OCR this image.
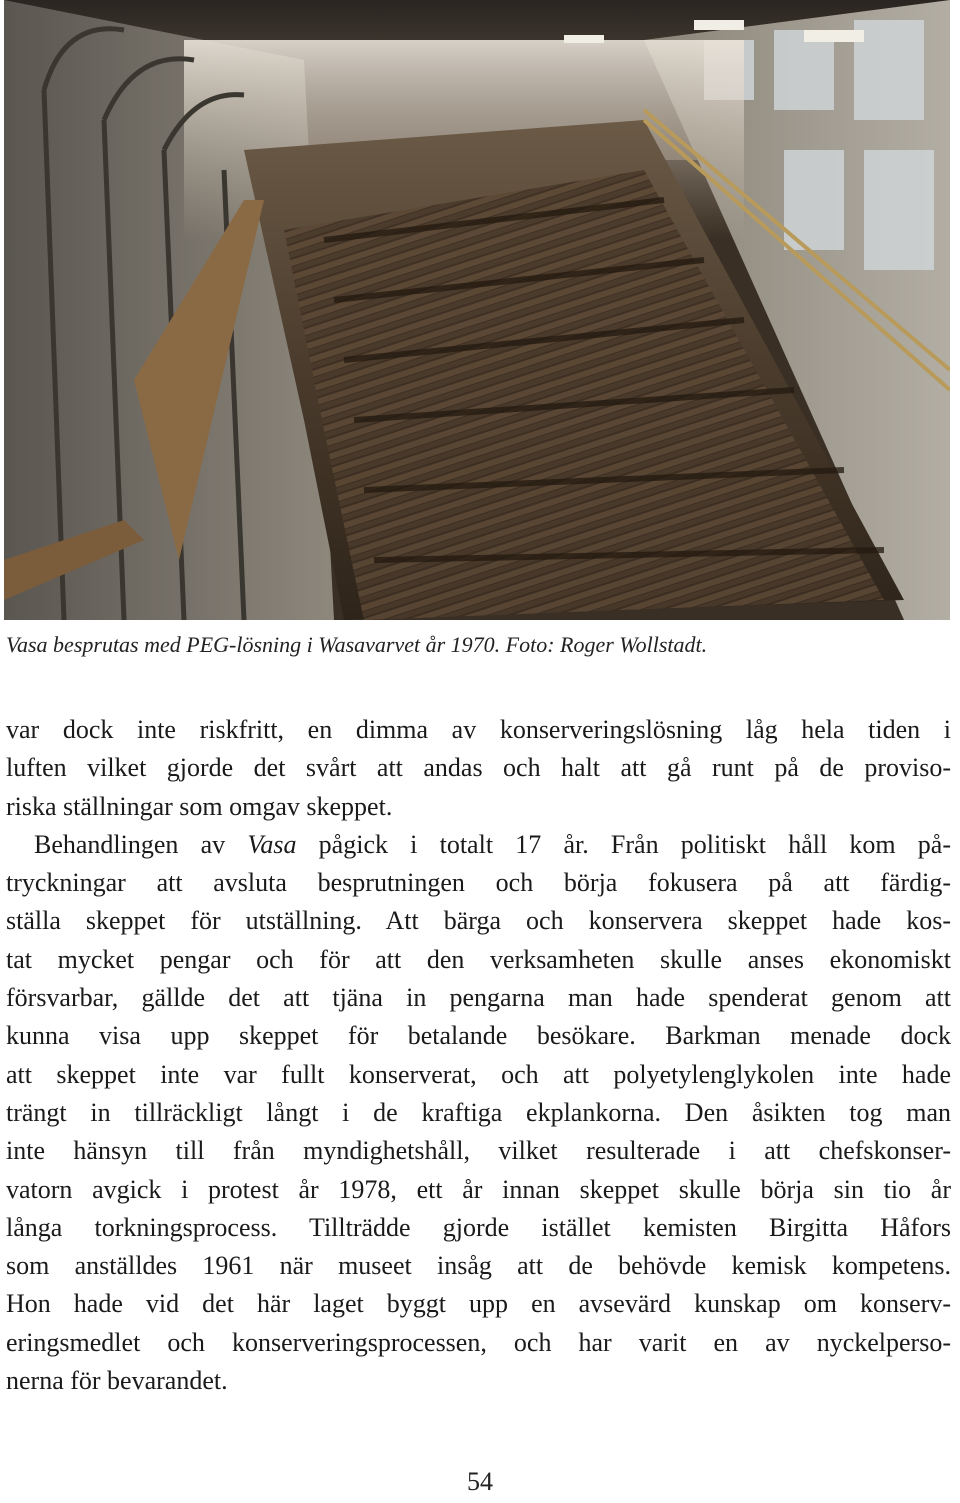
Vasa besprutas med PEG-lösning i Wasavarvet år 1970. Foto: Roger Wollstadt.
var dock inte riskfritt, en dimma av konserveringslösning låg hela tiden i
luften vilket gjorde det svårt att andas och halt att gå runt på de proviso-
riska ställningar som omgav skeppet.
Behandlingen av Vasa pågick i totalt 17 år. Från politiskt håll kom på-
tryckningar att avsluta besprutningen och börja fokusera på att färdig-
ställa skeppet för utställning. Att bärga och konservera skeppet hade kos-
tat mycket pengar och för att den verksamheten skulle anses ekonomiskt
försvarbar, gällde det att tjäna in pengarna man hade spenderat genom att
kunna visa upp skeppet för betalande besökare. Barkman menade dock
att skeppet inte var fullt konserverat, och att polyetylenglykolen inte hade
trängt in tillräckligt långt i de kraftiga ekplankorna. Den åsikten tog man
inte hänsyn till från myndighetshåll, vilket resulterade i att chefskonser-
vatorn avgick i protest år 1978, ett år innan skeppet skulle börja sin tio år
långa torkningsprocess. Tillträdde gjorde istället kemisten Birgitta Håfors
som anställdes 1961 när museet insåg att de behövde kemisk kompetens.
Hon hade vid det här laget byggt upp en avsevärd kunskap om konserv-
eringsmedlet och konserveringsprocessen, och har varit en av nyckelperso-
nerna för bevarandet.
54
